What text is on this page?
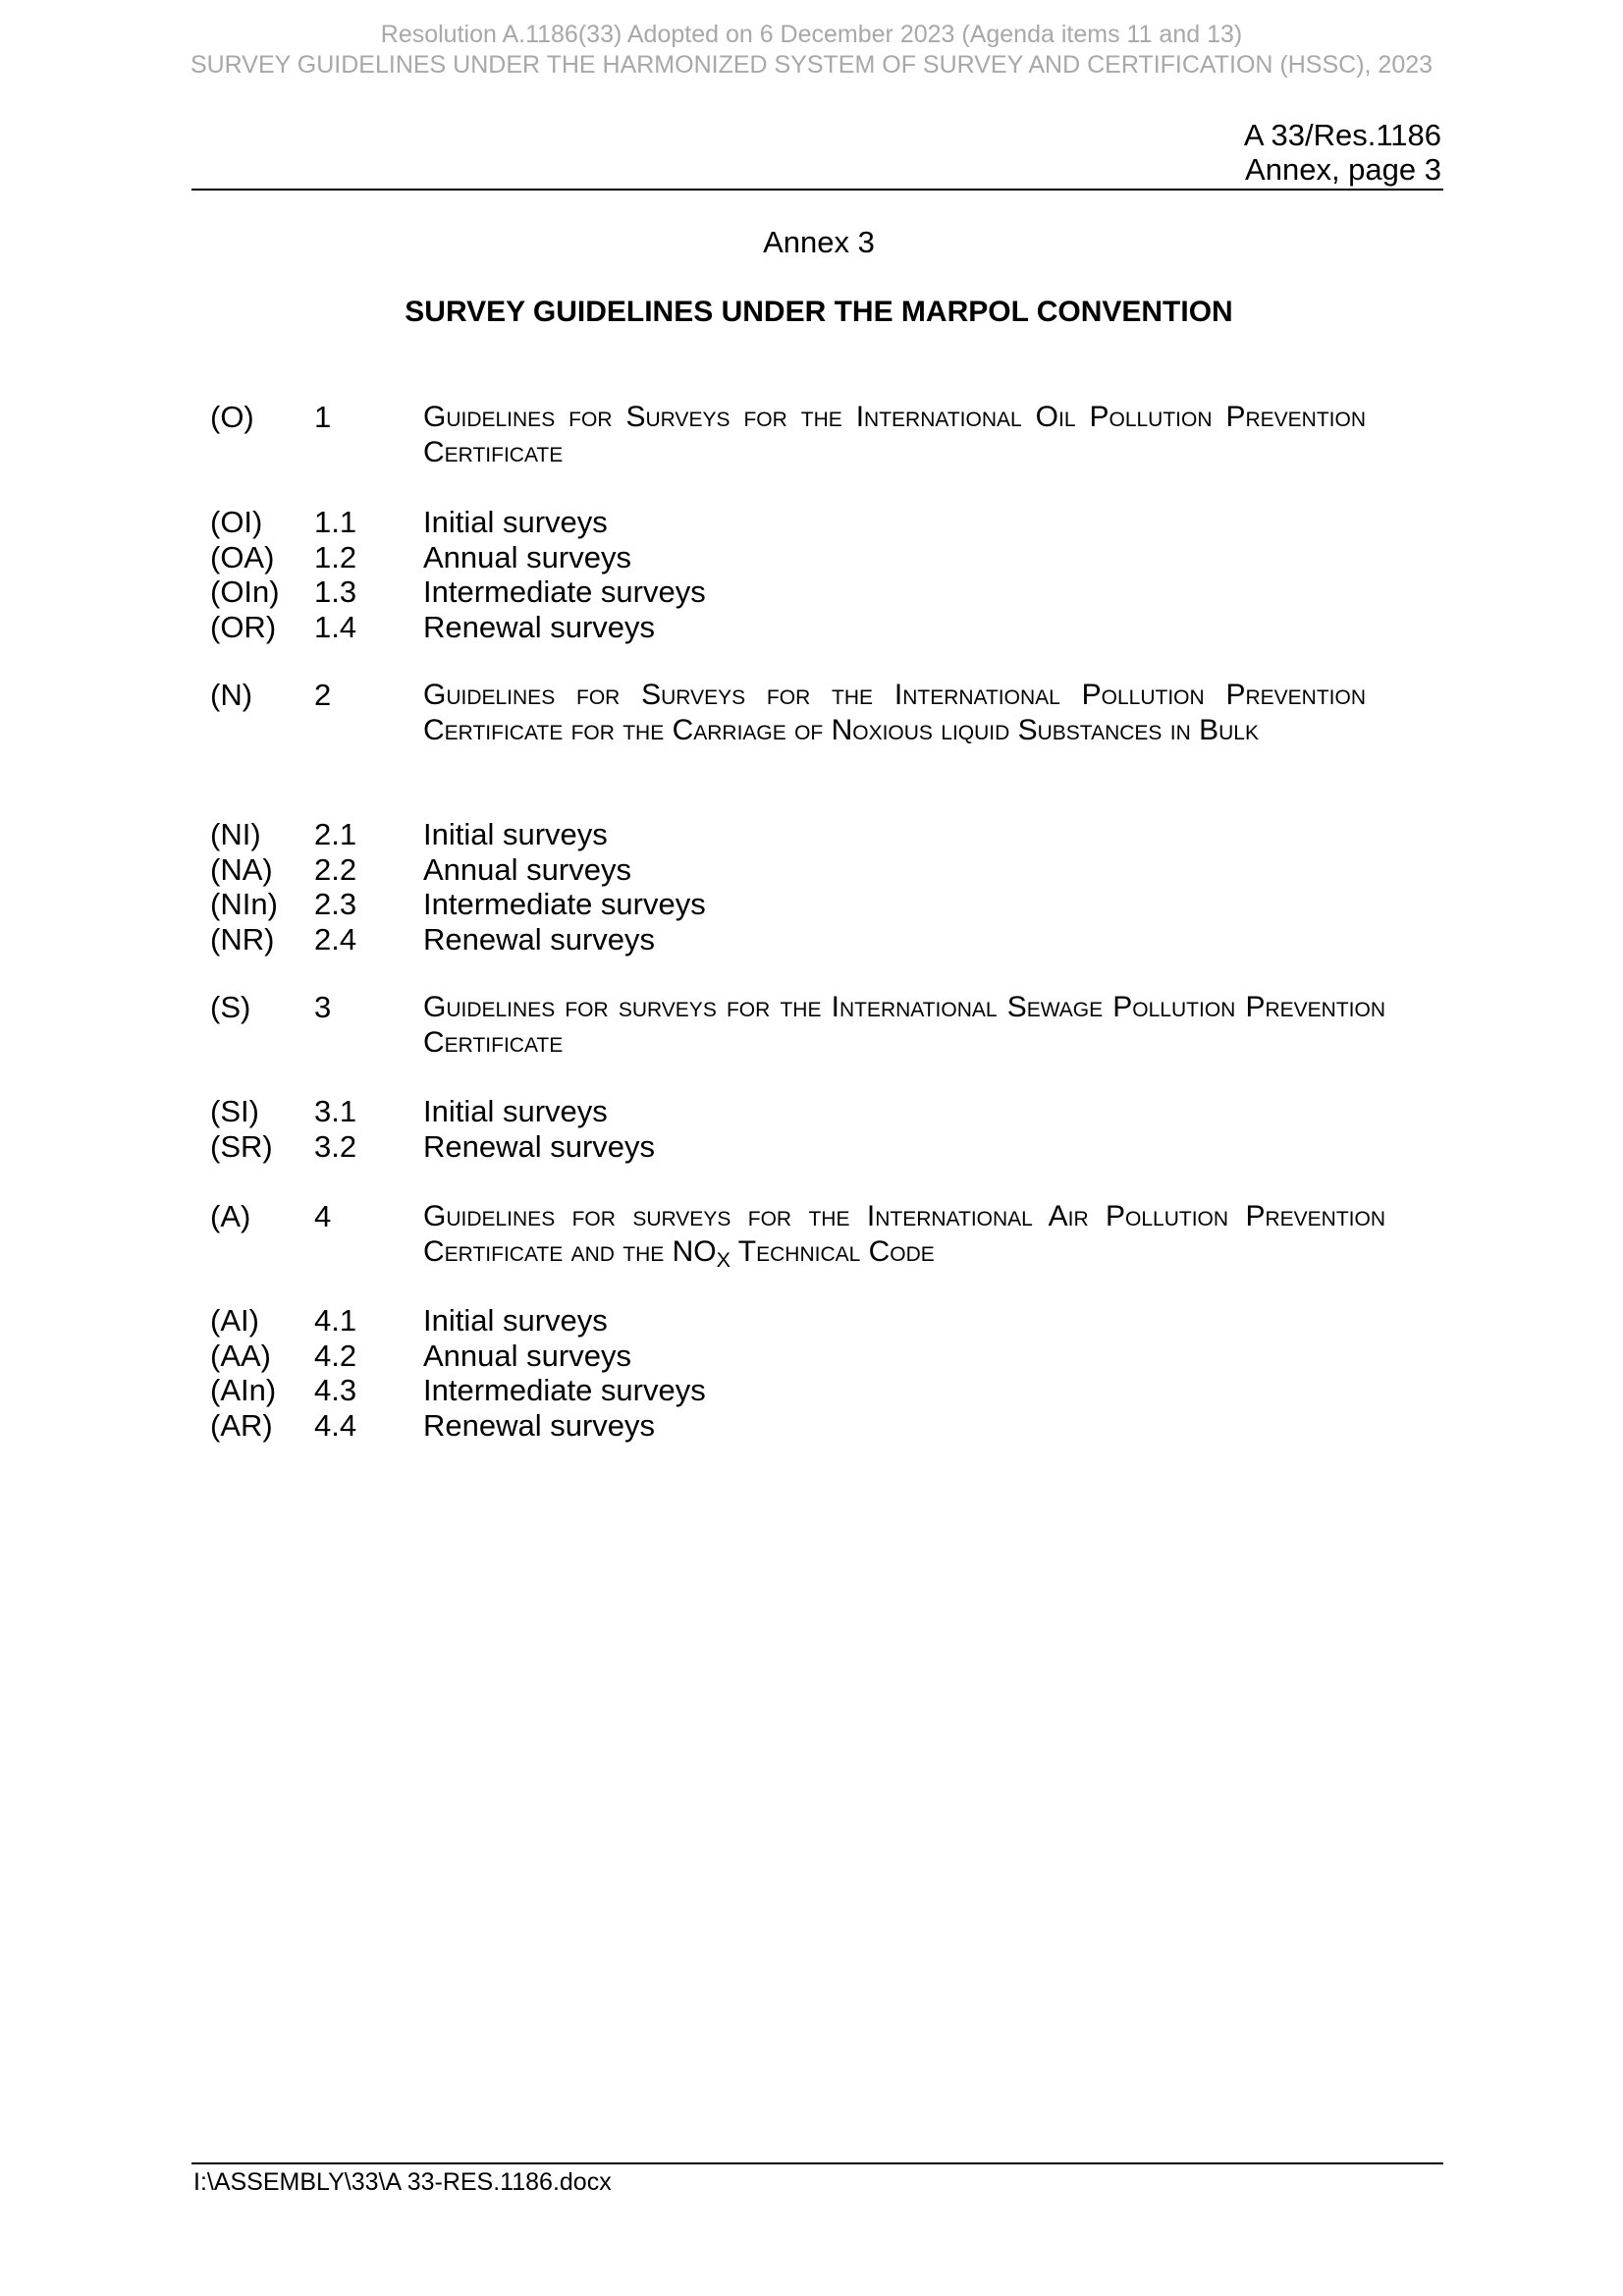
Resolution A.1186(33) Adopted on 6 December 2023 (Agenda items 11 and 13)
SURVEY GUIDELINES UNDER THE HARMONIZED SYSTEM OF SURVEY AND CERTIFICATION (HSSC), 2023
A 33/Res.1186
Annex, page 3
Annex 3
SURVEY GUIDELINES UNDER THE MARPOL CONVENTION
(O) 1	Guidelines for Surveys for the International Oil Pollution Prevention Certificate
(OI) 1.1 Initial surveys
(OA) 1.2 Annual surveys
(OIn) 1.3 Intermediate surveys
(OR) 1.4 Renewal surveys
(N) 2	Guidelines for Surveys for the International Pollution Prevention Certificate for the Carriage of Noxious liquid Substances in Bulk
(NI) 2.1 Initial surveys
(NA) 2.2 Annual surveys
(NIn) 2.3 Intermediate surveys
(NR) 2.4 Renewal surveys
(S) 3	Guidelines for surveys for the International Sewage Pollution Prevention Certificate
(SI) 3.1 Initial surveys
(SR) 3.2 Renewal surveys
(A) 4	Guidelines for surveys for the International Air Pollution Prevention Certificate and the $NO_X$ Technical Code
(AI) 4.1 Initial surveys
(AA) 4.2 Annual surveys
(AIn) 4.3 Intermediate surveys
(AR) 4.4 Renewal surveys
I:\ASSEMBLY\33\A 33-RES.1186.docx
